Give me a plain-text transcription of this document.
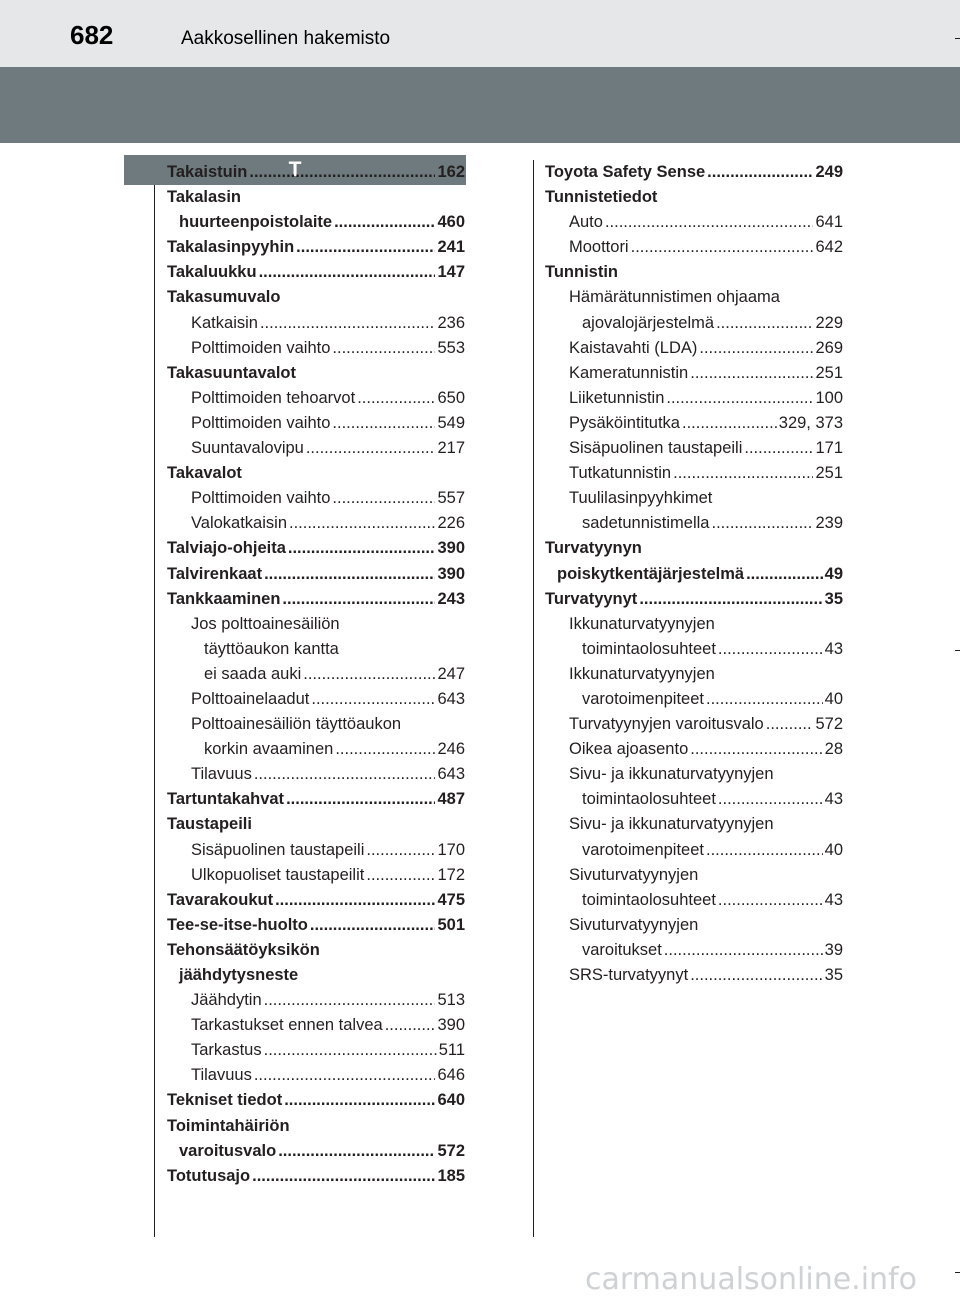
682	Aakkosellinen hakemisto
T
Takaistuin .....	162
Takalasin
huurteenpoistolaite .....	460
Takalasinpyyhin .....	241
Takaluukku .....	147
Takasumuvalo
Katkaisin .....	236
Polttimoiden vaihto .....	553
Takasuuntavalot
Polttimoiden tehoarvot .....	650
Polttimoiden vaihto .....	549
Suuntavalovipu .....	217
Takavalot
Polttimoiden vaihto .....	557
Valokatkaisin .....	226
Talviajo-ohjeita .....	390
Talvirenkaat .....	390
Tankkaaminen .....	243
Jos polttoainesäiliön
täyttöaukon kantta
ei saada auki .....	247
Polttoainelaadut .....	643
Polttoainesäiliön täyttöaukon
korkin avaaminen .....	246
Tilavuus .....	643
Tartuntakahvat .....	487
Taustapeili
Sisäpuolinen taustapeili .....	170
Ulkopuoliset taustapeilit .....	172
Tavarakoukut .....	475
Tee-se-itse-huolto .....	501
Tehonsäätöyksikön
jäähdytysneste
Jäähdytin .....	513
Tarkastukset ennen talvea .....	390
Tarkastus .....	511
Tilavuus .....	646
Tekniset tiedot .....	640
Toimintahäiriön
varoitusvalo .....	572
Totutusajo .....	185
Toyota Safety Sense .....	249
Tunnistetiedot
Auto .....	641
Moottori .....	642
Tunnistin
Hämärätunnistimen ohjaama
ajovalojärjestelmä .....	229
Kaistavahti (LDA) .....	269
Kameratunnistin .....	251
Liiketunnistin .....	100
Pysäköintitutka .....	329, 373
Sisäpuolinen taustapeili .....	171
Tutkatunnistin .....	251
Tuulilasinpyyhkimet
sadetunnistimella .....	239
Turvatyynyn
poiskytkentäjärjestelmä .....	49
Turvatyynyt .....	35
Ikkunaturvatyynyjen
toimintaolosuhteet .....	43
Ikkunaturvatyynyjen
varotoimenpiteet .....	40
Turvatyynyjen varoitusvalo .....	572
Oikea ajoasento .....	28
Sivu- ja ikkunaturvatyynyjen
toimintaolosuhteet .....	43
Sivu- ja ikkunaturvatyynyjen
varotoimenpiteet .....	40
Sivuturvatyynyjen
toimintaolosuhteet .....	43
Sivuturvatyynyjen
varoitukset .....	39
SRS-turvatyynyt .....	35
carmanualsonline.info
